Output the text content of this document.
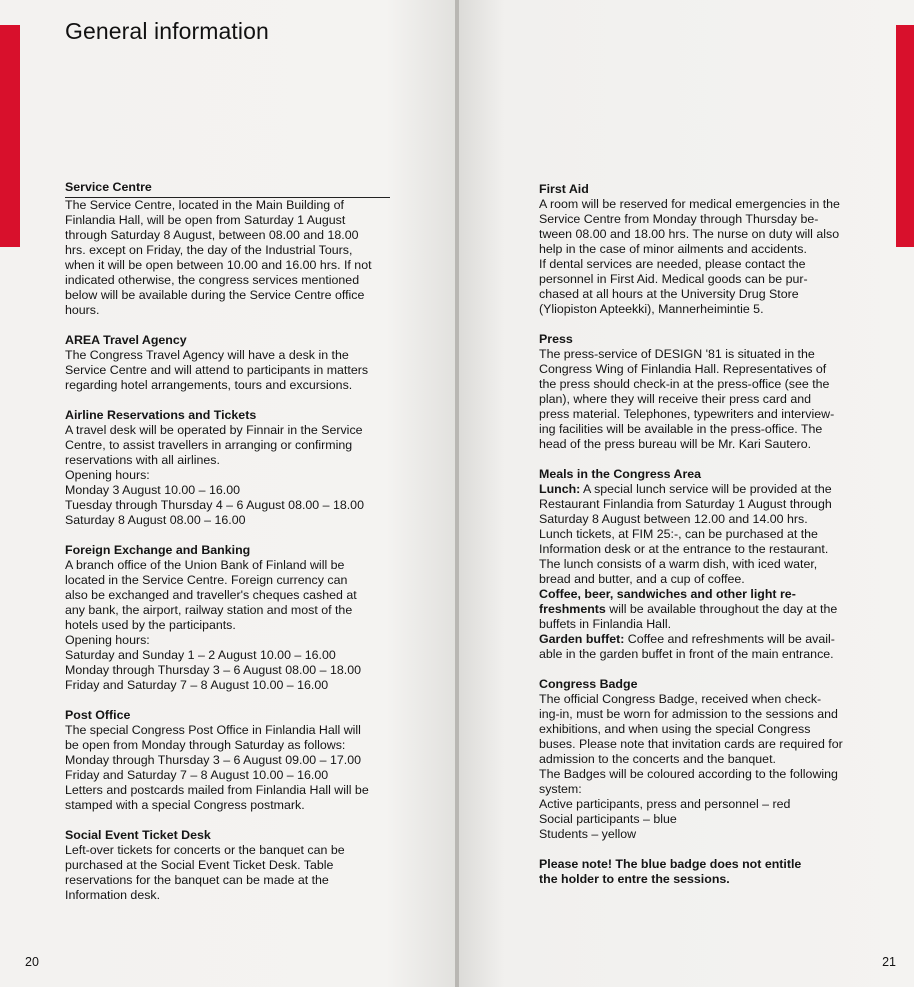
General information
Service Centre

The Service Centre, located in the Main Building of
Finlandia Hall, will be open from Saturday 1 August
through Saturday 8 August, between 08.00 and 18.00
hrs. except on Friday, the day of the Industrial Tours,
when it will be open between 10.00 and 16.00 hrs. If not
indicated otherwise, the congress services mentioned
below will be available during the Service Centre office
hours.

AREA Travel Agency

The Congress Travel Agency will have a desk in the
Service Centre and will attend to participants in matters
regarding hotel arrangements, tours and excursions.

Airline Reservations and Tickets

A travel desk will be operated by Finnair in the Service
Centre, to assist travellers in arranging or confirming
reservations with all airlines.
Opening hours:
Monday 3 August 10.00 – 16.00
Tuesday through Thursday 4 – 6 August 08.00 – 18.00
Saturday 8 August 08.00 – 16.00

Foreign Exchange and Banking

A branch office of the Union Bank of Finland will be
located in the Service Centre. Foreign currency can
also be exchanged and traveller's cheques cashed at
any bank, the airport, railway station and most of the
hotels used by the participants.
Opening hours:
Saturday and Sunday 1 – 2 August 10.00 – 16.00
Monday through Thursday 3 – 6 August 08.00 – 18.00
Friday and Saturday 7 – 8 August 10.00 – 16.00

Post Office

The special Congress Post Office in Finlandia Hall will
be open from Monday through Saturday as follows:
Monday through Thursday 3 – 6 August 09.00 – 17.00
Friday and Saturday 7 – 8 August 10.00 – 16.00
Letters and postcards mailed from Finlandia Hall will be
stamped with a special Congress postmark.

Social Event Ticket Desk

Left-over tickets for concerts or the banquet can be
purchased at the Social Event Ticket Desk. Table
reservations for the banquet can be made at the
Information desk.

20
First Aid

A room will be reserved for medical emergencies in the
Service Centre from Monday through Thursday be-
tween 08.00 and 18.00 hrs. The nurse on duty will also
help in the case of minor ailments and accidents.
If dental services are needed, please contact the
personnel in First Aid. Medical goods can be pur-
chased at all hours at the University Drug Store
(Yliopiston Apteekki), Mannerheimintie 5.

Press

The press-service of DESIGN '81 is situated in the
Congress Wing of Finlandia Hall. Representatives of
the press should check-in at the press-office (see the
plan), where they will receive their press card and
press material. Telephones, typewriters and interview-
ing facilities will be available in the press-office. The
head of the press bureau will be Mr. Kari Sautero.

Meals in the Congress Area

Lunch: A special lunch service will be provided at the
Restaurant Finlandia from Saturday 1 August through
Saturday 8 August between 12.00 and 14.00 hrs.
Lunch tickets, at FIM 25:-, can be purchased at the
Information desk or at the entrance to the restaurant.
The lunch consists of a warm dish, with iced water,
bread and butter, and a cup of coffee.
Coffee, beer, sandwiches and other light re-
freshments will be available throughout the day at the
buffets in Finlandia Hall.
Garden buffet: Coffee and refreshments will be avail-
able in the garden buffet in front of the main entrance.

Congress Badge

The official Congress Badge, received when check-
ing-in, must be worn for admission to the sessions and
exhibitions, and when using the special Congress
buses. Please note that invitation cards are required for
admission to the concerts and the banquet.
The Badges will be coloured according to the following
system:
Active participants, press and personnel – red
Social participants – blue
Students – yellow

Please note! The blue badge does not entitle
the holder to entre the sessions.

21
